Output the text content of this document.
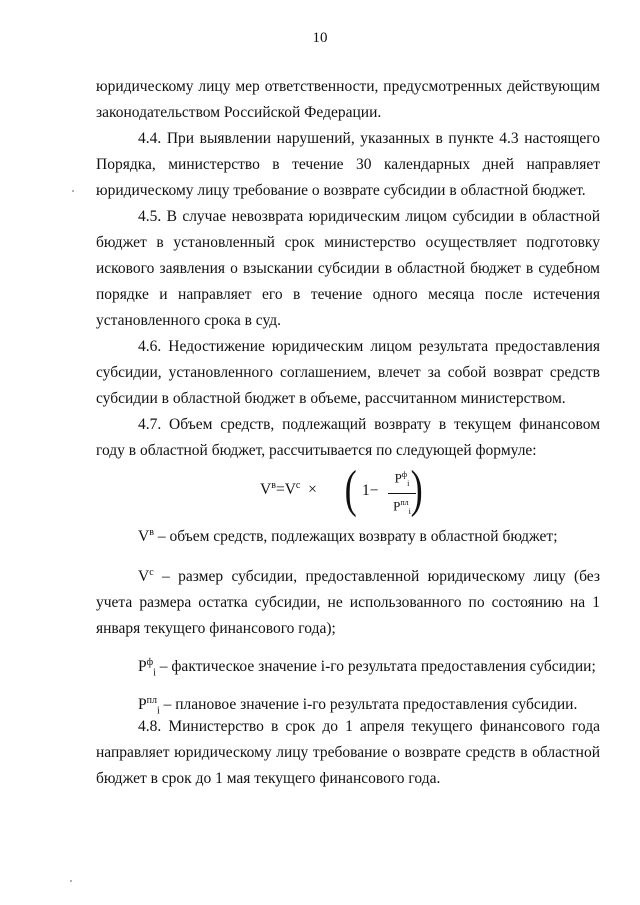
10

юридическому лицу мер ответственности, предусмотренных действующим законодательством Российской Федерации.

4.4. При выявлении нарушений, указанных в пункте 4.3 настоящего Порядка, министерство в течение 30 календарных дней направляет юридическому лицу требование о возврате субсидии в областной бюджет.

4.5. В случае невозврата юридическим лицом субсидии в областной бюджет в установленный срок министерство осуществляет подготовку искового заявления о взыскании субсидии в областной бюджет в судебном порядке и направляет его в течение одного месяца после истечения установленного срока в суд.

4.6. Недостижение юридическим лицом результата предоставления субсидии, установленного соглашением, влечет за собой возврат средств субсидии в областной бюджет в объеме, рассчитанном министерством.

4.7. Объем средств, подлежащий возврату в текущем финансовом году в областной бюджет, рассчитывается по следующей формуле:

$V^в=V^с$ × ( 1−
$P^ф_i$
$P^{пл}_i$ )

$V^в$ – объем средств, подлежащих возврату в областной бюджет;

$V^с$ – размер субсидии, предоставленной юридическому лицу (без учета размера остатка субсидии, не использованного по состоянию на 1 января текущего финансового года);

$P^ф_i$ – фактическое значение i-го результата предоставления субсидии;

$P^{пл}_i$ – плановое значение i-го результата предоставления субсидии.

4.8. Министерство в срок до 1 апреля текущего финансового года направляет юридическому лицу требование о возврате средств в областной бюджет в срок до 1 мая текущего финансового года.
